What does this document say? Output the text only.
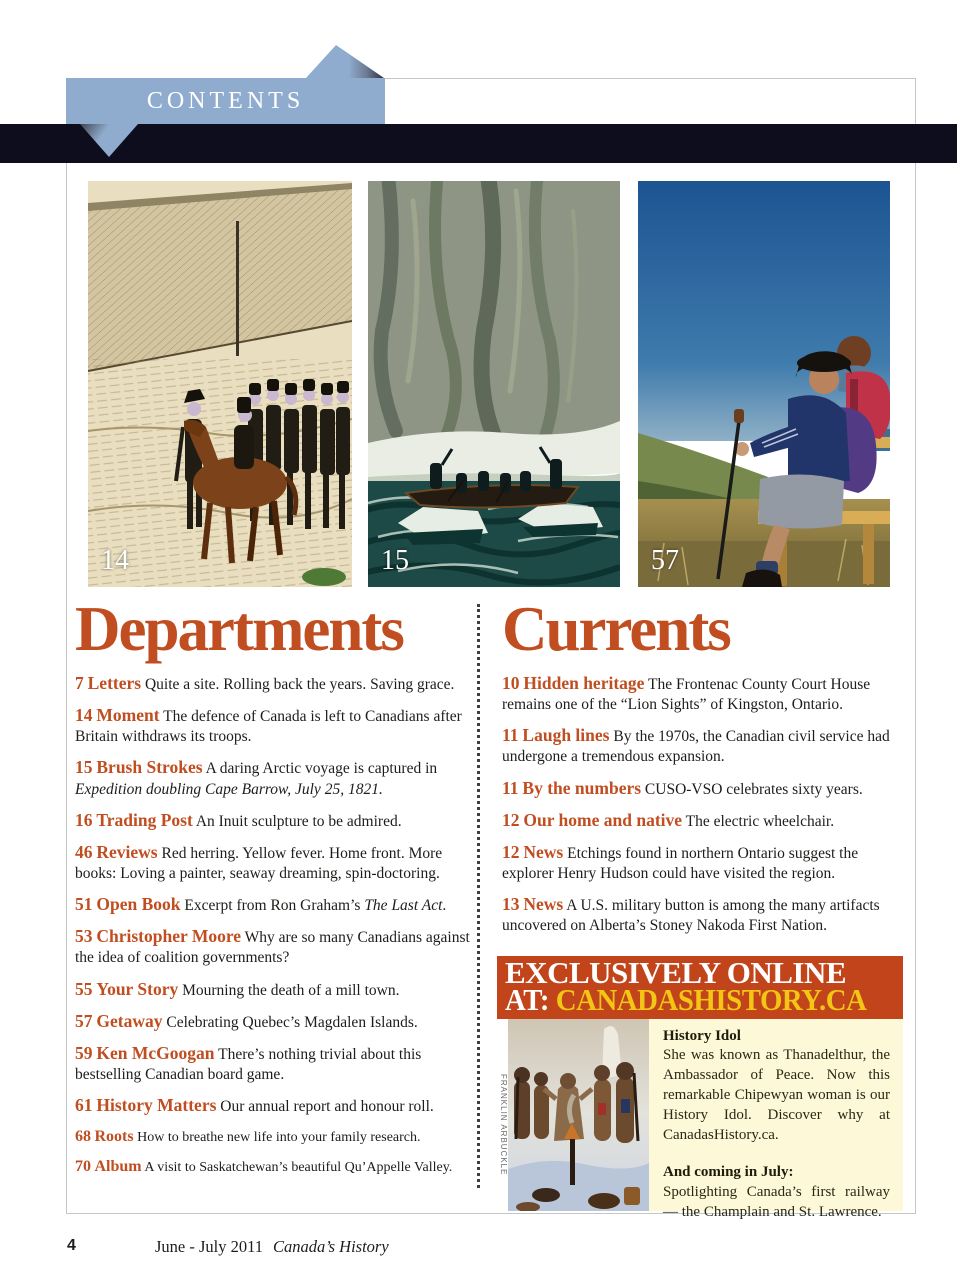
CONTENTS
14	15	57
Departments

7 Letters Quite a site. Rolling back the years. Saving grace.

14 Moment The defence of Canada is left to Canadians after Britain withdraws its troops.

15 Brush Strokes A daring Arctic voyage is captured in Expedition doubling Cape Barrow, July 25, 1821.

16 Trading Post An Inuit sculpture to be admired.

46 Reviews Red herring. Yellow fever. Home front. More books: Loving a painter, seaway dreaming, spin-doctoring.

51 Open Book Excerpt from Ron Graham’s The Last Act.

53 Christopher Moore Why are so many Canadians against the idea of coalition governments?

55 Your Story Mourning the death of a mill town.

57 Getaway Celebrating Quebec’s Magdalen Islands.

59 Ken McGoogan There’s nothing trivial about this bestselling Canadian board game.

61 History Matters Our annual report and honour roll.

68 Roots How to breathe new life into your family research.

70 Album A visit to Saskatchewan’s beautiful Qu’Appelle Valley.

Currents

10 Hidden heritage The Frontenac County Court House remains one of the “Lion Sights” of Kingston, Ontario.

11 Laugh lines By the 1970s, the Canadian civil service had undergone a tremendous expansion.

11 By the numbers CUSO-VSO celebrates sixty years.

12 Our home and native The electric wheelchair.

12 News Etchings found in northern Ontario suggest the explorer Henry Hudson could have visited the region.

13 News A U.S. military button is among the many artifacts uncovered on Alberta’s Stoney Nakoda First Nation.

EXCLUSIVELY ONLINE
AT: CANADASHISTORY.CA
FRANKLIN ARBUCKLE

History Idol
She was known as Thanadelthur, the Ambassador of Peace. Now this remarkable Chipewyan woman is our History Idol. Discover why at CanadasHistory.ca.

And coming in July:
Spotlighting Canada’s first railway — the Champlain and St. Lawrence.

4	June - July 2011 Canada’s History
